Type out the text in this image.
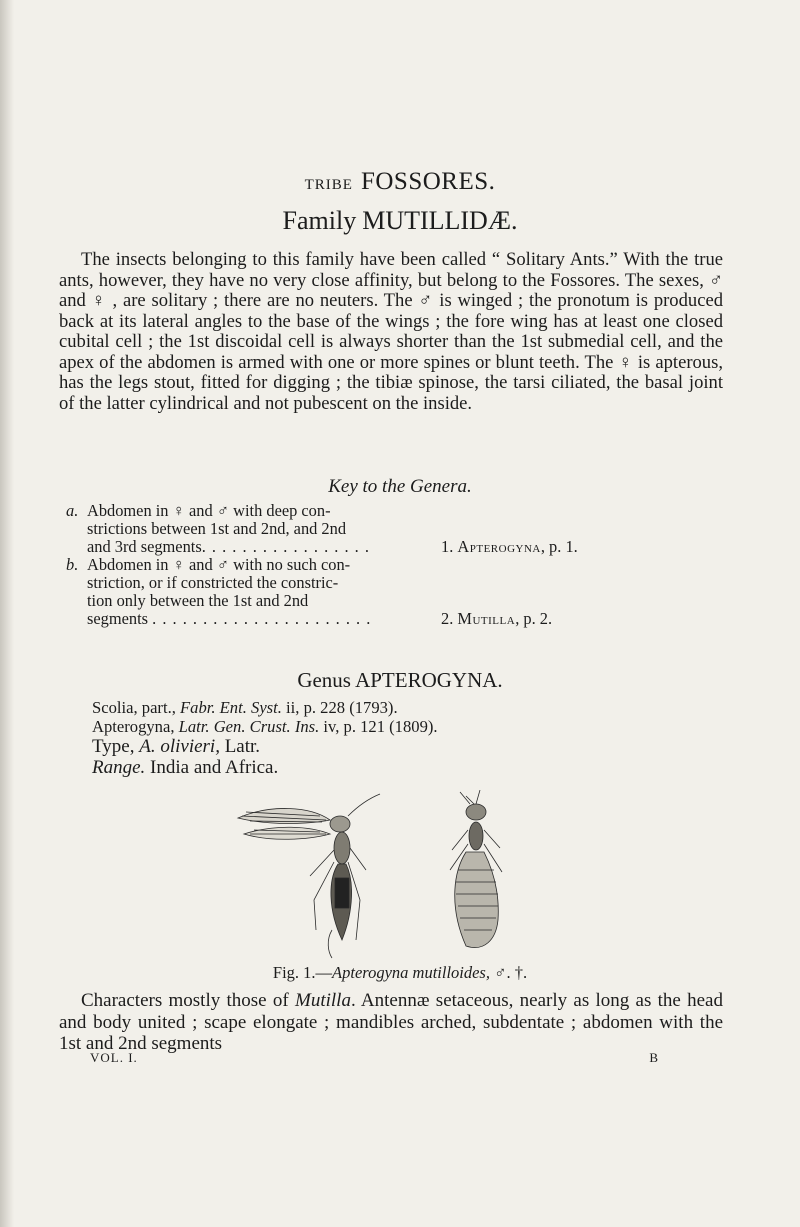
TRIBE FOSSORES.
Family MUTILLIDÆ.

The insects belonging to this family have been called “ Solitary Ants.” With the true ants, however, they have no very close affinity, but belong to the Fossores. The sexes, ♂ and ♀ , are solitary ; there are no neuters. The ♂ is winged ; the pronotum is produced back at its lateral angles to the base of the wings ; the fore wing has at least one closed cubital cell ; the 1st discoidal cell is always shorter than the 1st submedial cell, and the apex of the abdomen is armed with one or more spines or blunt teeth. The ♀ is apterous, has the legs stout, fitted for digging ; the tibiæ spinose, the tarsi ciliated, the basal joint of the latter cylindrical and not pubescent on the inside.

Key to the Genera.
a. Abdomen in ♀ and ♂ with deep con-
strictions between 1st and 2nd, and 2nd
and 3rd segments. . . . . . . . . . . . . . . . .	1. Apterogyna, p. 1.
b. Abdomen in ♀ and ♂ with no such con-
striction, or if constricted the constric-
tion only between the 1st and 2nd
segments . . . . . . . . . . . . . . . . . . . . . .	2. Mutilla, p. 2.
Genus APTEROGYNA.
Scolia, part., Fabr. Ent. Syst. ii, p. 228 (1793).
Apterogyna, Latr. Gen. Crust. Ins. iv, p. 121 (1809).
Type, A. olivieri, Latr.
Range. India and Africa.
Fig. 1.—Apterogyna mutilloides, ♂. †.

Characters mostly those of Mutilla. Antennæ setaceous, nearly as long as the head and body united ; scape elongate ; mandibles arched, subdentate ; abdomen with the 1st and 2nd segments

VOL. I.	B
